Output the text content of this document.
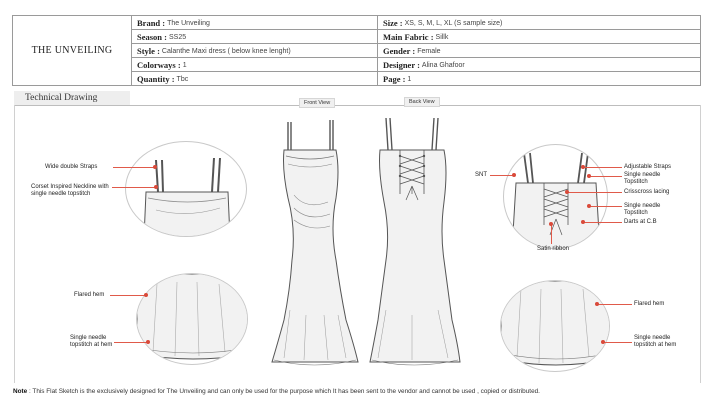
THE UNVEILING
Brand : The Unveiling	Size : XS, S, M, L, XL (S sample size)
Season : SS25	Main Fabric : Sillk
Style : Calanthe Maxi dress ( below knee lenght)	Gender : Female
Colorways : 1	Designer : Alina Ghafoor
Quantity : Tbc	Page : 1
Technical Drawing	Front View	Back View
Wide double Straps
Corset Inspired Neckline with single needle topstitch
Flared hem
Single needle topstitch at hem
SNT
Adjustable Straps
Single needle Topstitch
Crisscross lacing
Single needle Topstitch
Darts at C.B
Satin ribbon
Flared hem
Single needle topstitch at hem
Note : This Flat Sketch is the exclusively designed for The Unveiling and can only be used for the purpose which It has been sent to the vendor and cannot be used , copied or distributed.
